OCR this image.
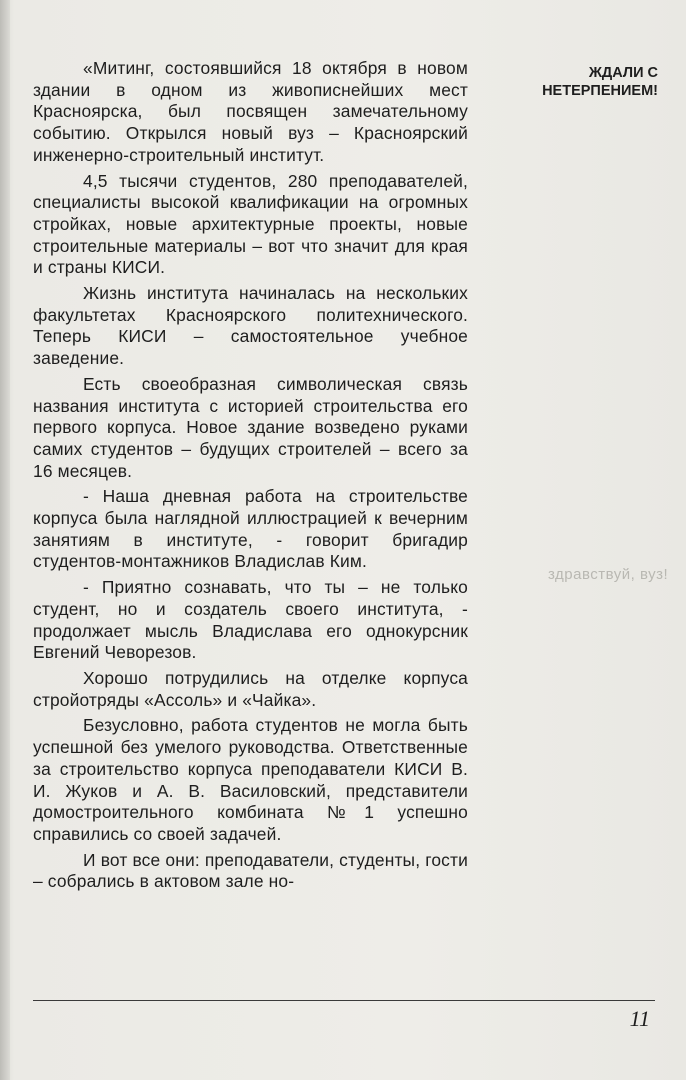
«Митинг, состоявшийся 18 октября в новом здании в одном из живописнейших мест Красноярска, был посвящен замечательному событию. Открылся новый вуз – Красноярский инженерно-строительный институт.

4,5 тысячи студентов, 280 преподавателей, специалисты высокой квалификации на огромных стройках, новые архитектурные проекты, новые строительные материалы – вот что значит для края и страны КИСИ.

Жизнь института начиналась на нескольких факультетах Красноярского политехнического. Теперь КИСИ – самостоятельное учебное заведение.

Есть своеобразная символическая связь названия института с историей строительства его первого корпуса. Новое здание возведено руками самих студентов – будущих строителей – всего за 16 месяцев.

- Наша дневная работа на строительстве корпуса была наглядной иллюстрацией к вечерним занятиям в институте, - говорит бригадир студентов-монтажников Владислав Ким.

- Приятно сознавать, что ты – не только студент, но и создатель своего института, - продолжает мысль Владислава его однокурсник Евгений Чеворезов.

Хорошо потрудились на отделке корпуса стройотряды «Ассоль» и «Чайка».

Безусловно, работа студентов не могла быть успешной без умелого руководства. Ответственные за строительство корпуса преподаватели КИСИ В. И. Жуков и А. В. Василовский, представители домостроительного комбината №1 успешно справились со своей задачей.

И вот все они: преподаватели, студенты, гости – собрались в актовом зале но-

ЖДАЛИ С
НЕТЕРПЕНИЕМ!
здравствуй, вуз!
11
